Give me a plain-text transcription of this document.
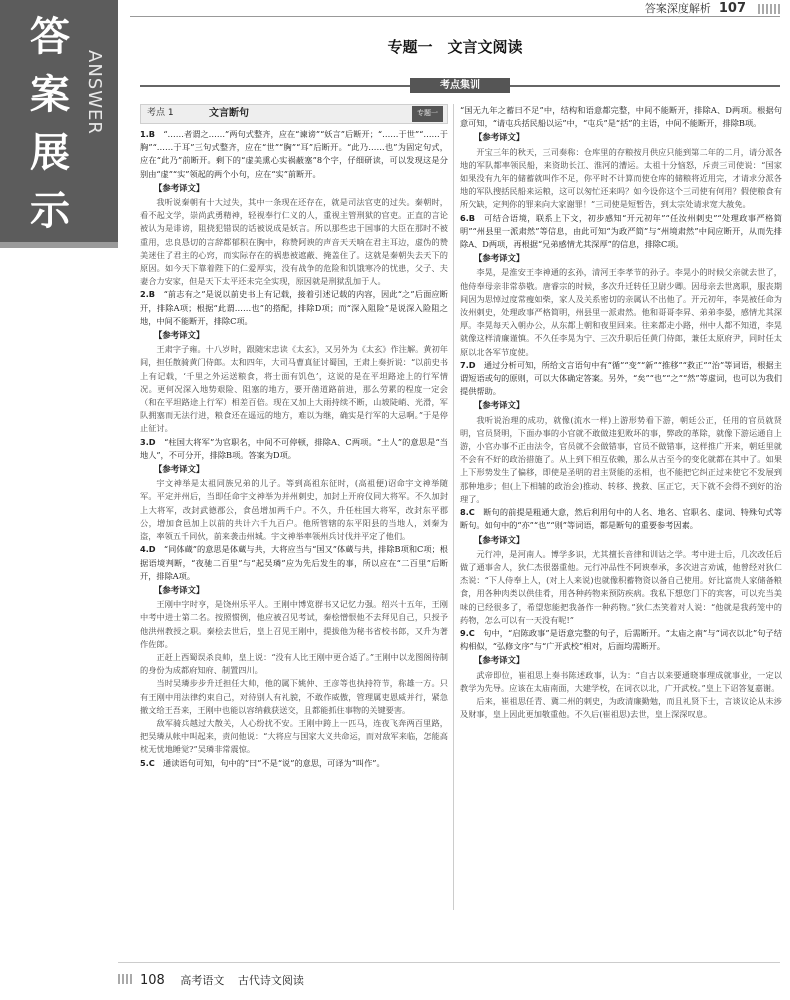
答案展示
ANSWER
答案深度解析 107
专题一　文言文阅读
考点集训
考点 1	文言断句	专题一
1.B　 “……者谓之……”两句式整齐，应在“谏谤”“妖言”后断开；“……于世”“……于胸”“……于耳”三句式整齐，应在“世”“胸”“耳”后断开。“此乃……也”为固定句式，应在“此乃”前断开。剩下的“虚美熏心实祸蔽塞”8个字，仔细研读，可以发现这是分别由“虚”“实”领起的两个小句，应在“实”前断开。
【参考译文】
我听说秦朝有十大过失，其中一条现在还存在，就是司法官吏的过失。秦朝时，看不起文学，崇尚武勇精神，轻视奉行仁义的人，重视主管刑狱的官吏。正直的言论被认为是诽谤，阻挠犯错误的话被说成是妖言。所以那些忠于国事的大臣在那时不被重用，忠良恳切的言辞都郁积在胸中，称赞阿谀的声音天天响在君主耳边，虚伪的赞美迷住了君主的心窍，而实际存在的祸患被遮蔽、掩盖住了。这就是秦朝失去天下的原因。如今天下靠着陛下的仁爱厚实，没有战争的危险和饥饿寒冷的忧患，父子、夫妻合力安家，但是天下太平还未完全实现，原因就是刑狱乱加于人。
2.B　 “前志有之”是说以前史书上有记载，接着引述记载的内容，因此“之”后面应断开，排除A项；根据“此谓……也”的搭配，排除D项；而“深入阻险”是说深入险阻之地，中间不能断开，排除C项。
【参考译文】
王肃字子雍。十八岁时，跟随宋忠读《太玄》，又另外为《太玄》作注解。黄初年间，担任散骑黄门侍郎。太和四年，大司马曹真征讨蜀国，王肃上奏折说：“以前史书上有记载，‘千里之外运送粮食，将士面有饥色’，这说的是在平坦路途上的行军情况。更何况深入地势艰险、阻塞的地方，要开凿道路前进，那么劳累的程度一定会（和在平坦路途上行军）相差百倍。现在又加上大雨持续不断，山坡陡峭、光滑，军队拥塞而无法行进，粮食还在遥远的地方，难以为继，确实是行军的大忌啊。”于是停止征讨。
3.D　 “柱国大将军”为官职名，中间不可停顿，排除A、C两项。“土人”的意思是“当地人”，不可分开，排除B项。答案为D项。
【参考译文】
宇文神举是太祖同族兄弟的儿子。等到高祖东征时，(高祖便)诏命宇文神举随军。平定并州后，当即任命宇文神举为并州刺史，加封上开府仪同大将军。不久加封上大将军，改封武德郡公，食邑增加两千户。不久，升任柱国大将军，改封东平郡公，增加食邑加上以前的共计六千九百户。他所管辖的东平阳县的当地人，刘秦为盗，率领五千同伙，前来袭击州城。宇文神举率领州兵讨伐并平定了他们。
4.D　 “同体蔵”的意思是体蔵与共，大将应当与“国又”体蔵与共，排除B项和C项；根据语境判断，“夜驰二百里”与“起吴璘”应为先后发生的事，所以应在“二百里”后断开，排除A项。
【参考译文】
王刚中字时亨，是饶州乐平人。王刚中博览群书又记忆力强。绍兴十五年，王刚中考中进士第二名。按照惯例，他应被召见考试，秦桧憎恨他不去拜见自己，只授予他洪州教授之职。秦桧去世后，皇上召见王刚中，提拔他为秘书省校书郎，又升为著作佐郎。
正赶上西蜀误杀良帅，皇上说：“没有人比王刚中更合适了。”王刚中以龙图阁待制的身份为成都府知府、制置四川。
当时吴璘步步升迁担任大帅，他的属下姚仲、王彦等也执持符节，称雄一方。只有王刚中用法律约束自己，对待别人有礼貌，不敢作威傲，管理属吏恩威并行，紧急撤文给王吾来，王刚中也能以容纳截获送交，且都能抓住事物的关键要害。
敌军骑兵越过大散关，人心纷扰不安。王刚中跨上一匹马，连夜飞奔两百里路，把吴璘从帐中叫起来，责问他说：“大将应与国家大义共命运，而对敌军来临，怎能高枕无忧地睡觉?”吴璘非常震惊。
5.C　 通读语句可知，句中的“曰”不是“说”的意思，可译为“叫作”。
“国无九年之蓄曰不足”中，结构和语意都完整，中间不能断开，排除A、D两项。根据句意可知，“请屯兵括民船以运”中，“屯兵”是“括”的主语，中间不能断开，排除B项。
【参考译文】
开宝三年的秋天，三司奏称：仓库里的存粮按月供应只能到第二年的二月，请分派各地的军队都率领民船，来资助长江、淮河的漕运。太祖十分恼怒，斥责三司使说：“国家如果没有九年的储蓄就叫作不足，你平时不计算而使仓库的储粮将近用完，才请求分派各地的军队搜括民船来运粮，这可以匆忙还来吗？如今设你这个三司使有何用？假使粮食有所欠缺，定判你的罪来向大家谢罪！”三司使是短暂告，到太宗处请求宽大赦免。
6.B　 可结合语境，联系上下文，初步感知“开元初年”“任汝州刺史”“处理政事严格简明”“州县里一派肃然”等信息，由此可知“为政严简”与“州境肃然”中间应断开，从而先排除A、D两项，再根据“兄弟感情尤其深厚”的信息，排除C项。
【参考译文】
李晃，是淮安王李神通的玄孙，清河王李孝节的孙子。李晃小的时候父亲就去世了，他侍奉母亲非常恭敬。唐睿宗的时候，多次升迁转任卫尉少卿。因母亲去世离职，服丧期间因为思悼过度常瘦如柴，家人及关系密切的亲属认不出他了。开元初年，李晃被任命为汝州刺史，处理政事严格简明，州县里一派肃然。他和哥哥李昇、弟弟李晏，感情尤其深厚。李晃每天入朝办公，从东都上朝和夜里回来。往来都走小路，州中人都不知道，李晃就像这样清廉谨慎。不久任李晃为宁、三次升职后任黄门侍郎，兼任太原府尹，同时任太原以北各军节度使。
7.D　 通过分析可知，所给文言语句中有“循”“变”“新”“推移”“救正”“治”等词语，根据主谓短语或句的原则，可以大体确定答案。另外，“矣”“也”“之”“然”等虚词，也可以为我们提供帮助。
【参考译文】
我听说治理的成功，就像(流水一样)上游形势看下游，朝廷公正，任用的官员就贤明，官员贤明，下面办事的小官就不敢做违犯败坏的事，弊政的革除，就像下游运通自上游，小官办事不正由法令，官员就不会做错事，官员不做错事，这样推广开来，朝廷里就不会有不好的政治措施了。从上到下相互依赖，那么从古至今的变化就都在其中了。如果上下形势发生了偏移，即使是圣明的君主贤能的丞相，也不能把它纠正过来使它不发展到那种地步；但(上下相辅的政治会)推动、转移、挽救、匡正它，天下就不会得不到好的治理了。
8.C　 断句的前提是粗通大意，然后利用句中的人名、地名、官职名、虚词、特殊句式等断句。如句中的“亦”“也”“则”等词语，都是断句的重要参考因素。
【参考译文】
元行冲，是河南人。博学多识，尤其擅长音律和训诂之学。考中进士后，几次改任后做了通事舍人，狄仁杰很器重他。元行冲品性不阿谀奉承，多次进言劝诚，他曾经对狄仁杰说：“下人侍奉上人，(对上人来说)也就像积蓄物资以备自己使用。好比富贵人家储备粮食，用各种肉类以供佳肴，用各种药物来预防疾病。我私下想您门下的宾客，可以充当美味的已经很多了，希望您能把我备作一种药物。”狄仁杰笑着对人说：“他就是我药笼中的药物，怎么可以有一天没有呢!”
9.C　 句中，“启陈政事”是语意完整的句子，后需断开。“太庙之南”与“词衣以北”句子结构相似，“弘修文序”与“广开武校”相对，后面均需断开。
【参考译文】
武帝即位，崔祖思上奏书陈述政事，认为：“自古以来要通晓事理成就事业，一定以教学为先导。应该在太庙南面，大建学校，在词衣以北，广开武校。”皇上下诏答复嘉谢。
后来，崔祖思任青、冀二州的刺史，为政清廉勤勉，而且礼贤下士，言谈议论从未涉及财事，皇上因此更加敬重他。不久后(崔祖思)去世，皇上深深叹息。
108 高考语文 古代诗文阅读
